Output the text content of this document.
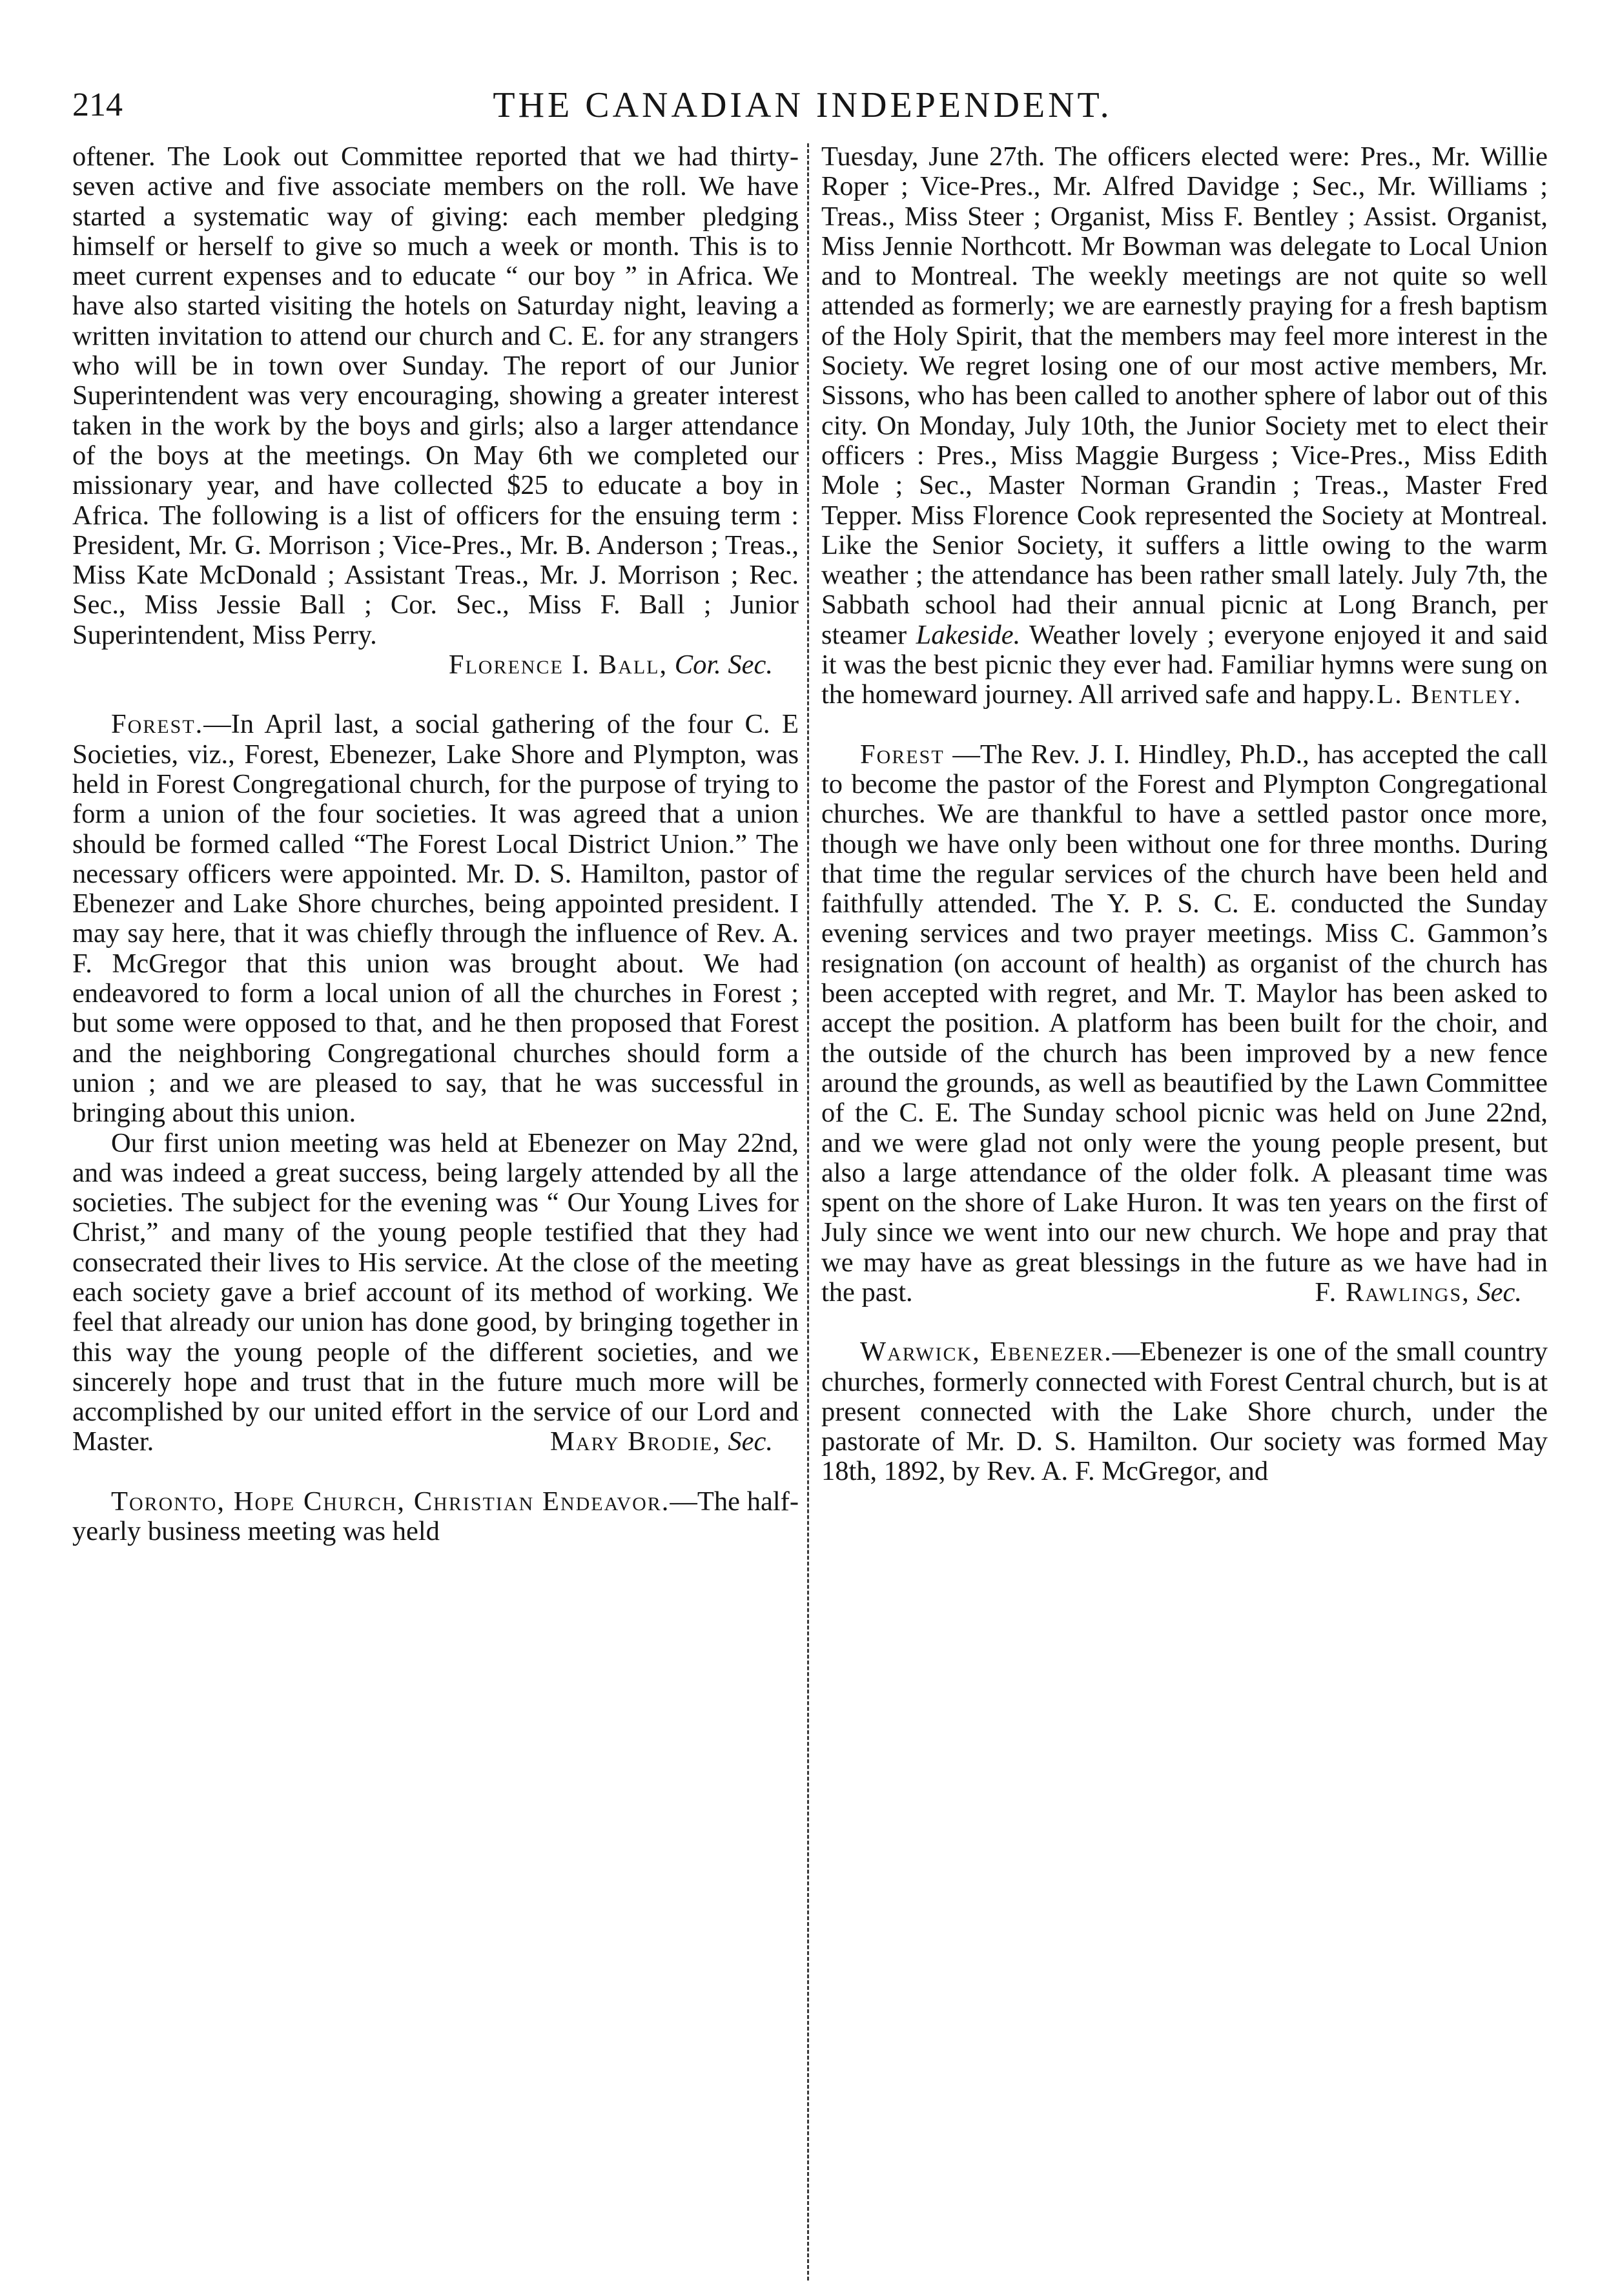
214	THE CANADIAN INDEPENDENT.

oftener. The Look out Committee reported that we had thirty-seven active and five associate members on the roll. We have started a systematic way of giving: each member pledging himself or herself to give so much a week or month. This is to meet current expenses and to educate “ our boy ” in Africa. We have also started visiting the hotels on Saturday night, leaving a written invitation to attend our church and C. E. for any strangers who will be in town over Sunday. The report of our Junior Superintendent was very encouraging, showing a greater interest taken in the work by the boys and girls; also a larger attendance of the boys at the meetings. On May 6th we completed our missionary year, and have collected $25 to educate a boy in Africa. The following is a list of officers for the ensuing term : President, Mr. G. Morrison ; Vice-Pres., Mr. B. Anderson ; Treas., Miss Kate McDonald ; Assistant Treas., Mr. J. Morrison ; Rec. Sec., Miss Jessie Ball ; Cor. Sec., Miss F. Ball ; Junior Superintendent, Miss Perry.

Florence I. Ball, Cor. Sec.

Forest.—In April last, a social gathering of the four C. E Societies, viz., Forest, Ebenezer, Lake Shore and Plympton, was held in Forest Congregational church, for the purpose of trying to form a union of the four societies. It was agreed that a union should be formed called “The Forest Local District Union.” The necessary officers were appointed. Mr. D. S. Hamilton, pastor of Ebenezer and Lake Shore churches, being appointed president. I may say here, that it was chiefly through the influence of Rev. A. F. McGregor that this union was brought about. We had endeavored to form a local union of all the churches in Forest ; but some were opposed to that, and he then proposed that Forest and the neighboring Congregational churches should form a union ; and we are pleased to say, that he was successful in bringing about this union.

Our first union meeting was held at Ebenezer on May 22nd, and was indeed a great success, being largely attended by all the societies. The subject for the evening was “ Our Young Lives for Christ,” and many of the young people testified that they had consecrated their lives to His service. At the close of the meeting each society gave a brief account of its method of working. We feel that already our union has done good, by bringing together in this way the young people of the different societies, and we sincerely hope and trust that in the future much more will be accomplished by our united effort in the service of our Lord and Master.	Mary Brodie, Sec.

Toronto, Hope Church, Christian Endeavor.—The half-yearly business meeting was held

Tuesday, June 27th. The officers elected were: Pres., Mr. Willie Roper ; Vice-Pres., Mr. Alfred Davidge ; Sec., Mr. Williams ; Treas., Miss Steer ; Organist, Miss F. Bentley ; Assist. Organist, Miss Jennie Northcott. Mr Bowman was delegate to Local Union and to Montreal. The weekly meetings are not quite so well attended as formerly; we are earnestly praying for a fresh baptism of the Holy Spirit, that the members may feel more interest in the Society. We regret losing one of our most active members, Mr. Sissons, who has been called to another sphere of labor out of this city. On Monday, July 10th, the Junior Society met to elect their officers : Pres., Miss Maggie Burgess ; Vice-Pres., Miss Edith Mole ; Sec., Master Norman Grandin ; Treas., Master Fred Tepper. Miss Florence Cook represented the Society at Montreal. Like the Senior Society, it suffers a little owing to the warm weather ; the attendance has been rather small lately. July 7th, the Sabbath school had their annual picnic at Long Branch, per steamer Lakeside. Weather lovely ; everyone enjoyed it and said it was the best picnic they ever had. Familiar hymns were sung on the homeward journey. All arrived safe and happy. L. Bentley.

Forest —The Rev. J. I. Hindley, Ph.D., has accepted the call to become the pastor of the Forest and Plympton Congregational churches. We are thankful to have a settled pastor once more, though we have only been without one for three months. During that time the regular services of the church have been held and faithfully attended. The Y. P. S. C. E. conducted the Sunday evening services and two prayer meetings. Miss C. Gammon’s resignation (on account of health) as organist of the church has been accepted with regret, and Mr. T. Maylor has been asked to accept the position. A platform has been built for the choir, and the outside of the church has been improved by a new fence around the grounds, as well as beautified by the Lawn Committee of the C. E. The Sunday school picnic was held on June 22nd, and we were glad not only were the young people present, but also a large attendance of the older folk. A pleasant time was spent on the shore of Lake Huron. It was ten years on the first of July since we went into our new church. We hope and pray that we may have as great blessings in the future as we have had in the past.	F. Rawlings, Sec.

Warwick, Ebenezer.—Ebenezer is one of the small country churches, formerly connected with Forest Central church, but is at present connected with the Lake Shore church, under the pastorate of Mr. D. S. Hamilton. Our society was formed May 18th, 1892, by Rev. A. F. McGregor, and
